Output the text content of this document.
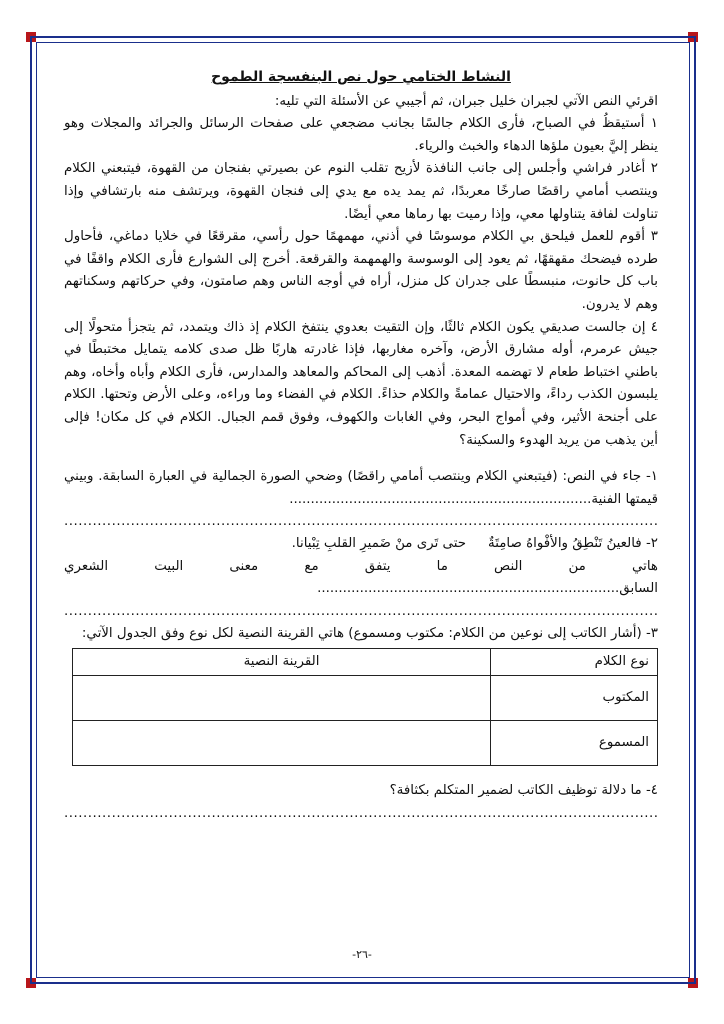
النشاط الختامي حول نص البنفسجة الطموح
اقرئي النص الآتي لجبران خليل جبران، ثم أجيبي عن الأسئلة التي تليه:
١ أستيقظُ في الصباح، فأرى الكلام جالسًا بجانب مضجعي على صفحات الرسائل والجرائد والمجلات وهو ينظر إليَّ بعيون ملؤها الدهاء والخبث والرياء.
٢ أغادر فراشي وأجلس إلى جانب النافذة لأزيح تقلب النوم عن بصيرتي بفنجان من القهوة، فيتبعني الكلام وينتصب أمامي راقصًا صارخًا معربدًا، ثم يمد يده مع يدي إلى فنجان القهوة، ويرتشف منه بارتشافي وإذا تناولت لفافة يتناولها معي، وإذا رميت بها رماها معي أيضًا.
٣ أقوم للعمل فيلحق بي الكلام موسوسًا في أذني، مهمهمًا حول رأسي، مقرقعًا في خلايا دماغي، فأحاول طرده فيضحك مقهقهًا، ثم يعود إلى الوسوسة والهمهمة والقرقعة. أخرج إلى الشوارع فأرى الكلام واقفًا في باب كل حانوت، منبسطًا على جدران كل منزل، أراه في أوجه الناس وهم صامتون، وفي حركاتهم وسكناتهم وهم لا يدرون.
٤ إن جالست صديقي يكون الكلام ثالثًا، وإن التقيت بعدوي ينتفخ الكلام إذ ذاك ويتمدد، ثم يتجزأ متحولًا إلى جيش عرمرم، أوله مشارق الأرض، وآخره مغاربها، فإذا غادرته هاربًا ظل صدى كلامه يتمايل مختبطًا في باطني اختباط طعام لا تهضمه المعدة. أذهب إلى المحاكم والمعاهد والمدارس، فأرى الكلام وأباه وأخاه، وهم يلبسون الكذب رداءً، والاحتيال عمامةً والكلام حذاءً. الكلام في الفضاء وما وراءه، وعلى الأرض وتحتها. الكلام على أجنحة الأثير، وفي أمواج البحر، وفي الغابات والكهوف، وفوق قمم الجبال. الكلام في كل مكان! فإلى أين يذهب من يريد الهدوء والسكينة؟
١- جاء في النص: (فيتبعني الكلام وينتصب أمامي راقصًا) وضحي الصورة الجمالية في العبارة السابقة. وبيني قيمتها الفنية.......................................................................
.....
٢- فالعينُ تَنْطِقُ والأفْواهُ صامِتَةٌ
حتى تَرى منْ ضَميرِ القلبِ تِبْيانا.
هاتي من النص ما يتفق مع معنى البيت الشعري السابق.......................................................................
.....
٣- (أشار الكاتب إلى نوعين من الكلام: مكتوب ومسموع) هاتي القرينة النصية لكل نوع وفق الجدول الآتي:
نوع الكلام	القرينة النصية
المكتوب	
المسموع	
٤- ما دلالة توظيف الكاتب لضمير المتكلم بكثافة؟
.....
-٢٦-
